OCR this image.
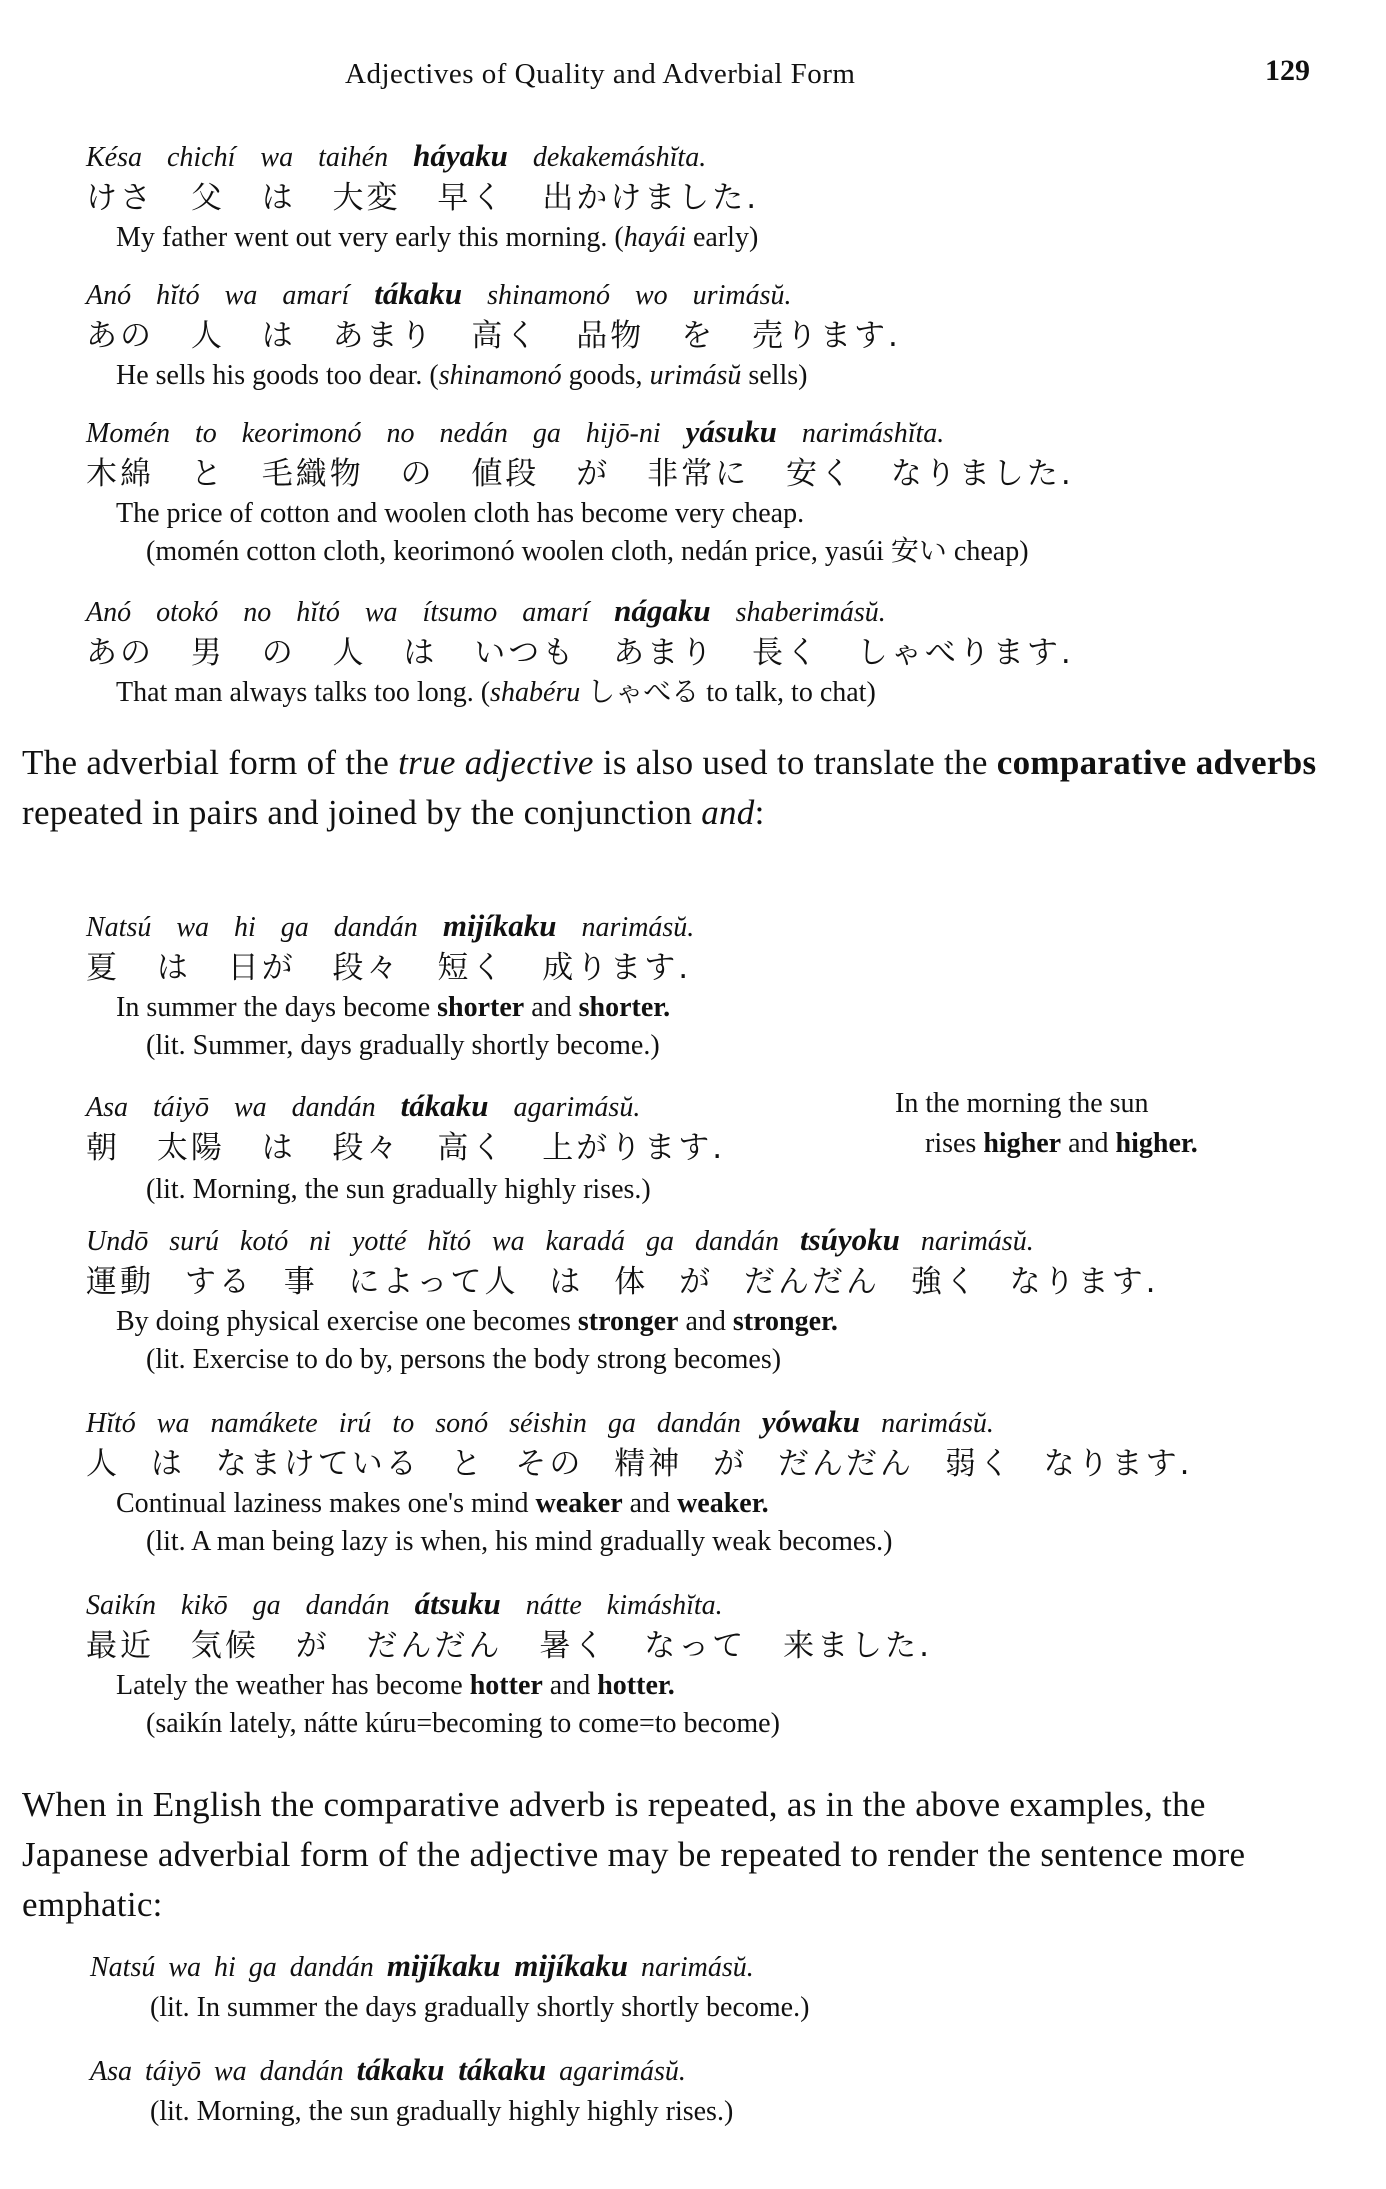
Adjectives of Quality and Adverbial Form	129
Késa chichí wa taihén háyaku dekakemáshĭta.
けさ 父 は 大変 早く 出かけました.
My father went out very early this morning. (hayái early)
Anó hĭtó wa amarí tákaku shinamonó wo urimásŭ.
あの 人 は あまり 高く 品物 を 売ります.
He sells his goods too dear. (shinamonó goods, urimásŭ sells)
Momén to keorimonó no nedán ga hijō-ni yásuku narimáshĭta.
木綿 と 毛織物 の 値段 が 非常に 安く なりました.
The price of cotton and woolen cloth has become very cheap.
(momén cotton cloth, keorimonó woolen cloth, nedán price, yasúi 安い cheap)
Anó otokó no hĭtó wa ítsumo amarí nágaku shaberimásŭ.
あの 男 の 人 は いつも あまり 長く しゃべります.
That man always talks too long. (shabéru しゃべる to talk, to chat)
The adverbial form of the true adjective is also used to translate the comparative adverbs repeated in pairs and joined by the conjunction and:
Natsú wa hi ga dandán mijíkaku narimásŭ.
夏 は 日が 段々 短く 成ります.
In summer the days become shorter and shorter.
(lit. Summer, days gradually shortly become.)
Asa táiyō wa dandán tákaku agarimásŭ.
朝 太陽 は 段々 高く 上がります.
(lit. Morning, the sun gradually highly rises.)
In the morning the sun
rises higher and higher.
Undō surú kotó ni yotté hĭtó wa karadá ga dandán tsúyoku narimásŭ.
運動 する 事 によって人 は 体 が だんだん 強く なります.
By doing physical exercise one becomes stronger and stronger.
(lit. Exercise to do by, persons the body strong becomes)
Hĭtó wa namákete irú to sonó séishin ga dandán yówaku narimásŭ.
人 は なまけている と その 精神 が だんだん 弱く なります.
Continual laziness makes one's mind weaker and weaker.
(lit. A man being lazy is when, his mind gradually weak becomes.)
Saikín kikō ga dandán átsuku nátte kimáshĭta.
最近 気候 が だんだん 暑く なって 来ました.
Lately the weather has become hotter and hotter.
(saikín lately, nátte kúru=becoming to come=to become)
When in English the comparative adverb is repeated, as in the above examples, the Japanese adverbial form of the adjective may be repeated to render the sentence more emphatic:
Natsú wa hi ga dandán mijíkaku mijíkaku narimásŭ.
(lit. In summer the days gradually shortly shortly become.)
Asa táiyō wa dandán tákaku tákaku agarimásŭ.
(lit. Morning, the sun gradually highly highly rises.)
